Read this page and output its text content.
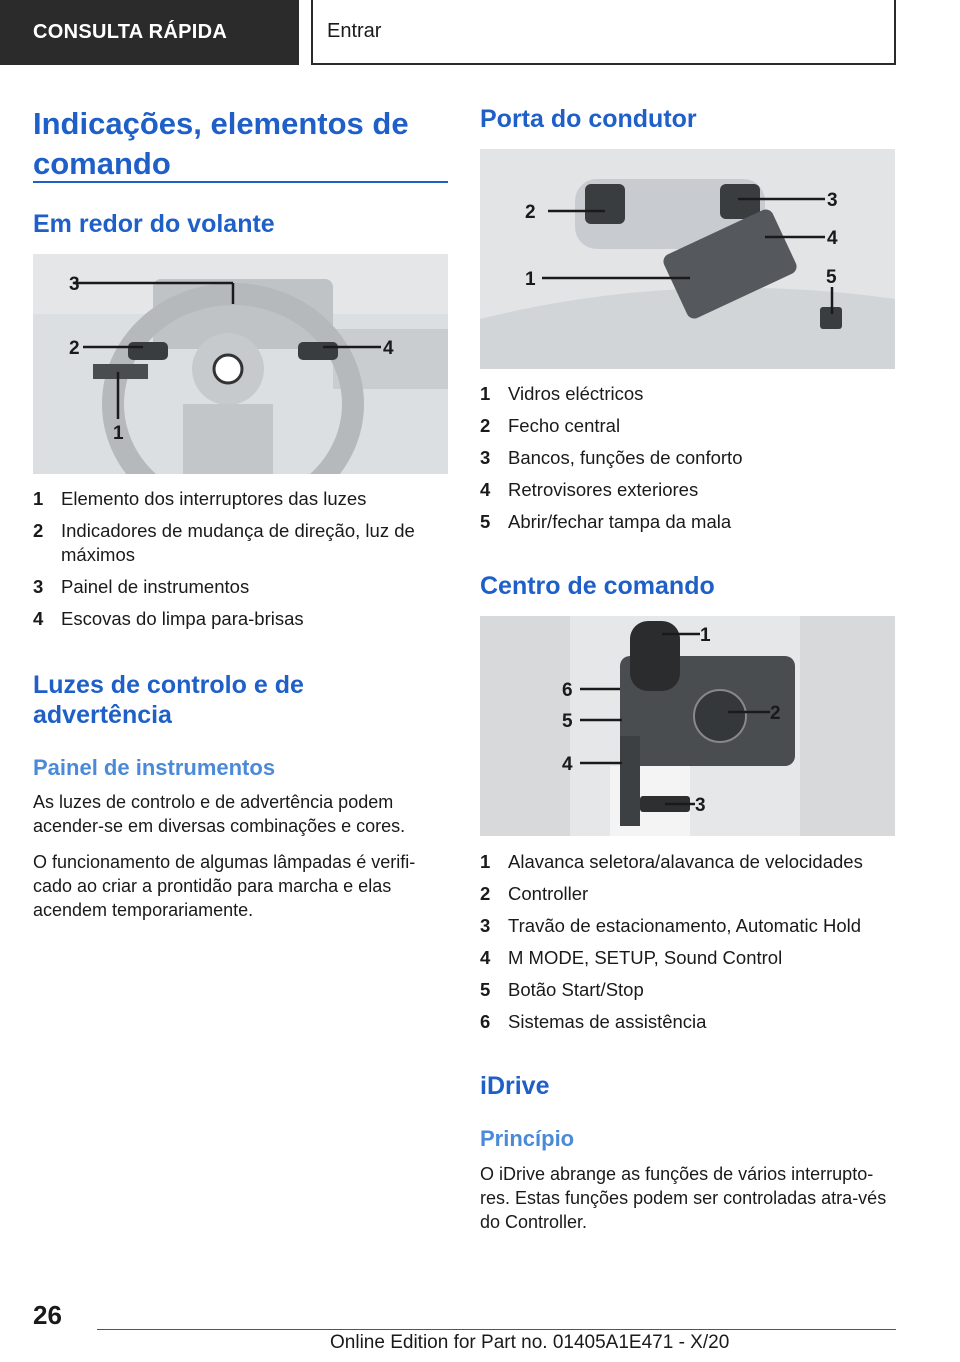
CONSULTA RÁPIDA	Entrar
Indicações, elementos de comando
Em redor do volante
3
2	4
1
1 Elemento dos interruptores das luzes
2 Indicadores de mudança de direção, luz de máximos
3 Painel de instrumentos
4 Escovas do limpa para-brisas
Luzes de controlo e de advertência
Painel de instrumentos

As luzes de controlo e de advertência podem acender-se em diversas combinações e cores.

O funcionamento de algumas lâmpadas é verifi-cado ao criar a prontidão para marcha e elas acendem temporariamente.

Porta do condutor
2
3
4
1	5
1 Vidros eléctricos
2 Fecho central
3 Bancos, funções de conforto
4 Retrovisores exteriores
5 Abrir/fechar tampa da mala
Centro de comando
1
6
2
5
4
3
1 Alavanca seletora/alavanca de velocidades
2 Controller
3 Travão de estacionamento, Automatic Hold
4 M MODE, SETUP, Sound Control
5 Botão Start/Stop
6 Sistemas de assistência
iDrive
Princípio

O iDrive abrange as funções de vários interrupto-res. Estas funções podem ser controladas atra-vés do Controller.

26
Online Edition for Part no. 01405A1E471 - X/20
